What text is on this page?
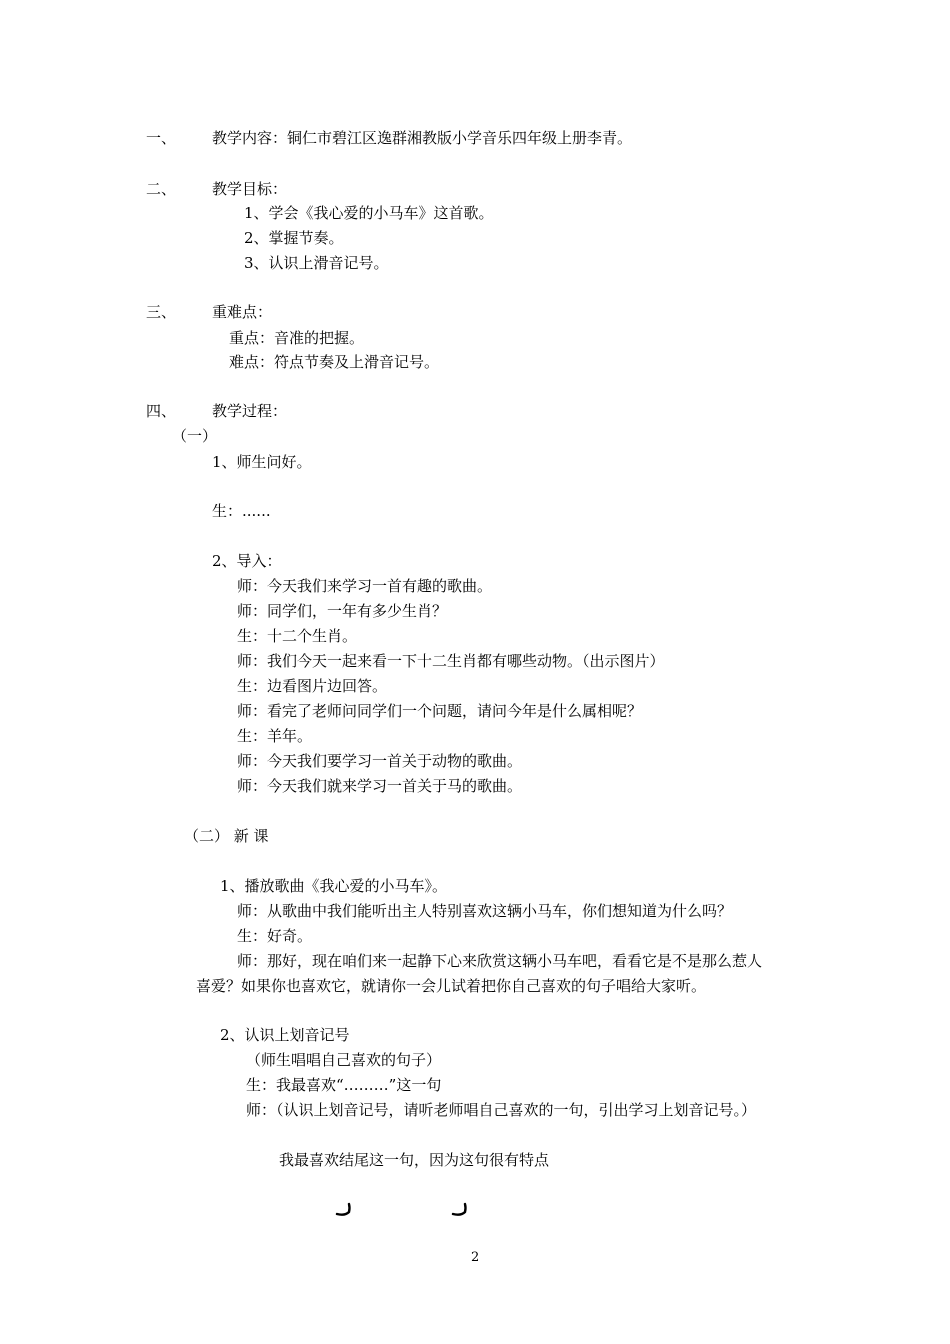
一、 教学内容：铜仁市碧江区逸群湘教版小学音乐四年级上册李青。
二、 教学目标：
1、学会《我心爱的小马车》这首歌。
2、掌握节奏。
3、认识上滑音记号。
三、 重难点：
重点：音准的把握。
难点：符点节奏及上滑音记号。
四、 教学过程：
（一）
1、师生问好。
生：......
2、导入：
师：今天我们来学习一首有趣的歌曲。
师：同学们，一年有多少生肖？
生：十二个生肖。
师：我们今天一起来看一下十二生肖都有哪些动物。（出示图片）
生：边看图片边回答。
师：看完了老师问同学们一个问题，请问今年是什么属相呢？
生：羊年。
师：今天我们要学习一首关于动物的歌曲。
师：今天我们就来学习一首关于马的歌曲。
（二） 新 课
1、播放歌曲《我心爱的小马车》。
师：从歌曲中我们能听出主人特别喜欢这辆小马车，你们想知道为什么吗？
生：好奇。
师：那好，现在咱们来一起静下心来欣赏这辆小马车吧，看看它是不是那么惹人
喜爱？如果你也喜欢它，就请你一会儿试着把你自己喜欢的句子唱给大家听。
2、认识上划音记号
（师生唱唱自己喜欢的句子）
生：我最喜欢“………”这一句
师：（认识上划音记号，请听老师唱自己喜欢的一句，引出学习上划音记号。）
我最喜欢结尾这一句，因为这句很有特点
2
